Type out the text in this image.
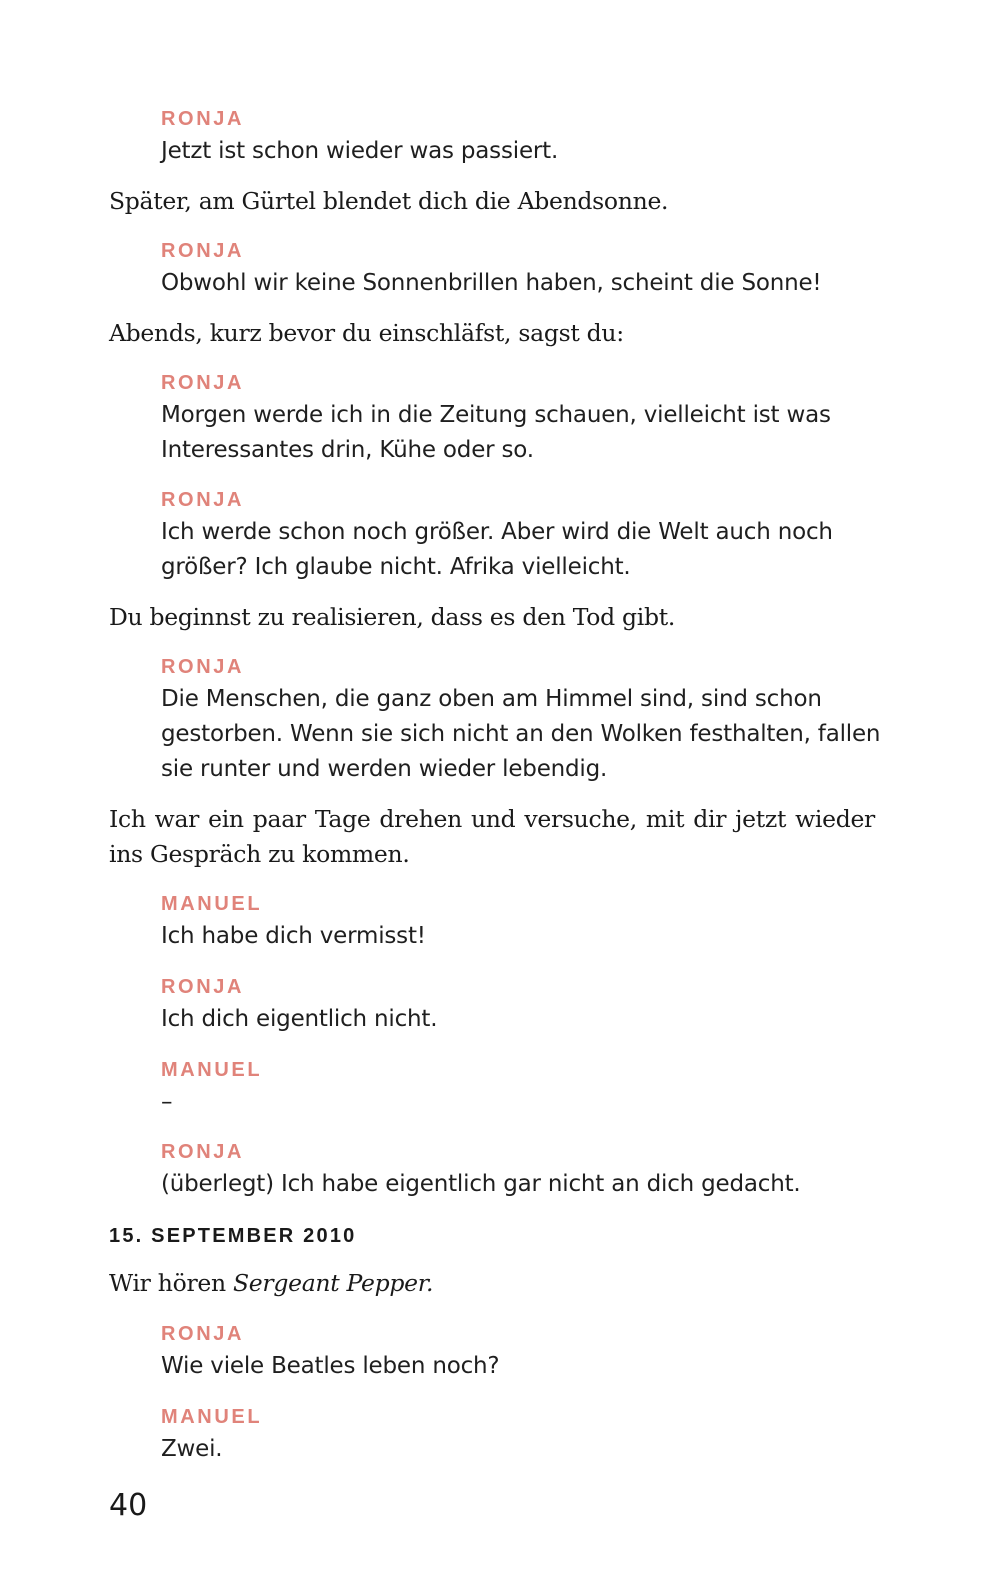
RONJA

Jetzt ist schon wieder was passiert.

Später, am Gürtel blendet dich die Abendsonne.

RONJA

Obwohl wir keine Sonnenbrillen haben, scheint die Sonne!

Abends, kurz bevor du einschläfst, sagst du:

RONJA

Morgen werde ich in die Zeitung schauen, vielleicht ist was

Interessantes drin, Kühe oder so.

RONJA

Ich werde schon noch größer. Aber wird die Welt auch noch

größer? Ich glaube nicht. Afrika vielleicht.

Du beginnst zu realisieren, dass es den Tod gibt.

RONJA

Die Menschen, die ganz oben am Himmel sind, sind schon

gestorben. Wenn sie sich nicht an den Wolken festhalten, fallen

sie runter und werden wieder lebendig.

Ich war ein paar Tage drehen und versuche, mit dir jetzt wieder ins Gespräch zu kommen.

MANUEL

Ich habe dich vermisst!

RONJA

Ich dich eigentlich nicht.

MANUEL

–

RONJA

(überlegt) Ich habe eigentlich gar nicht an dich gedacht.

15. SEPTEMBER 2010

Wir hören Sergeant Pepper.

RONJA

Wie viele Beatles leben noch?

MANUEL

Zwei.

40
